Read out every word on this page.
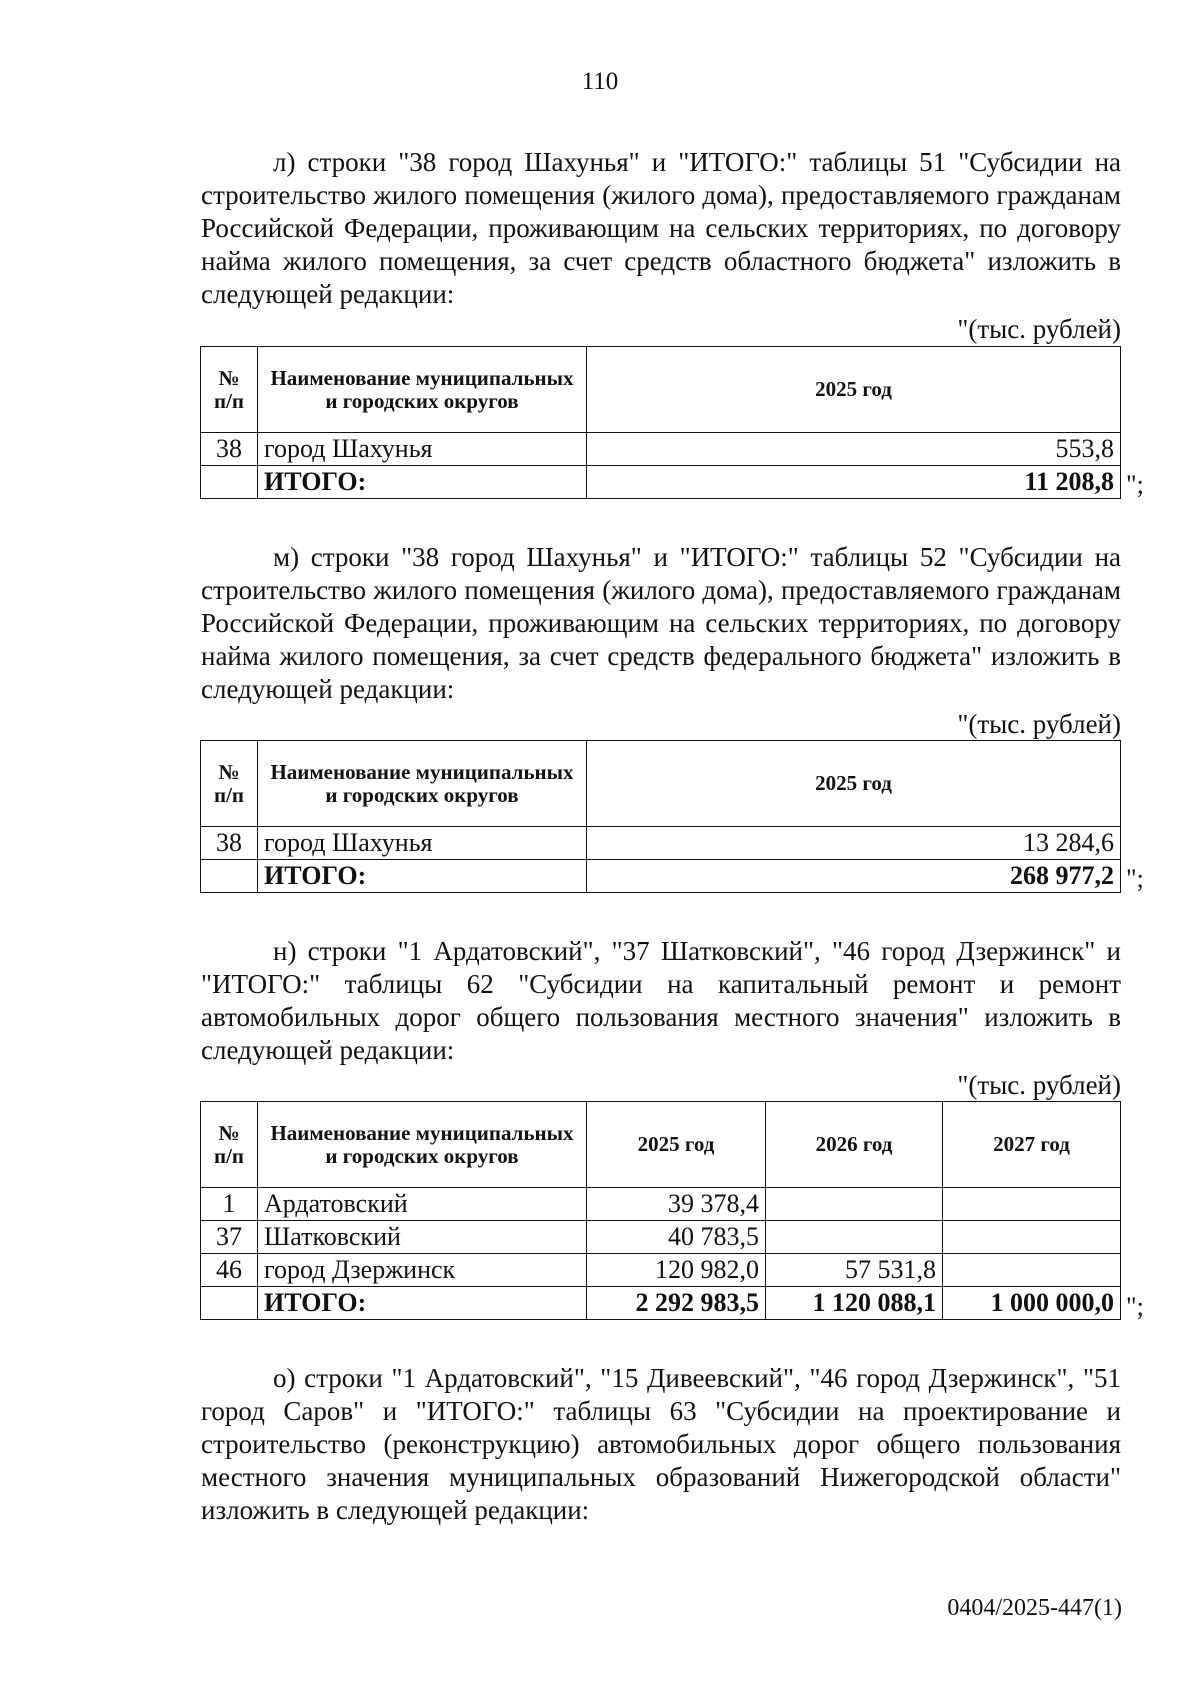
110

л) строки "38 город Шахунья" и "ИТОГО:" таблицы 51 "Субсидии на строительство жилого помещения (жилого дома), предоставляемого гражданам Российской Федерации, проживающим на сельских территориях, по договору найма жилого помещения, за счет средств областного бюджета" изложить в следующей редакции:

"(тыс. рублей)
№ п/п	Наименование муниципальных и городских округов	2025 год
38	город Шахунья	553,8
	ИТОГО:	11 208,8 ";

м) строки "38 город Шахунья" и "ИТОГО:" таблицы 52 "Субсидии на строительство жилого помещения (жилого дома), предоставляемого гражданам Российской Федерации, проживающим на сельских территориях, по договору найма жилого помещения, за счет средств федерального бюджета" изложить в следующей редакции:

"(тыс. рублей)
№ п/п	Наименование муниципальных и городских округов	2025 год
38	город Шахунья	13 284,6
	ИТОГО:	268 977,2 ";

н) строки "1 Ардатовский", "37 Шатковский", "46 город Дзержинск" и "ИТОГО:" таблицы 62 "Субсидии на капитальный ремонт и ремонт автомобильных дорог общего пользования местного значения" изложить в следующей редакции:

"(тыс. рублей)
№ п/п	Наименование муниципальных и городских округов	2025 год	2026 год	2027 год
1	Ардатовский	39 378,4		
37	Шатковский	40 783,5		
46	город Дзержинск	120 982,0	57 531,8	
	ИТОГО:	2 292 983,5	1 120 088,1	1 000 000,0 ";

о) строки "1 Ардатовский", "15 Дивеевский", "46 город Дзержинск", "51 город Саров" и "ИТОГО:" таблицы 63 "Субсидии на проектирование и строительство (реконструкцию) автомобильных дорог общего пользования местного значения муниципальных образований Нижегородской области" изложить в следующей редакции:

0404/2025-447(1)
